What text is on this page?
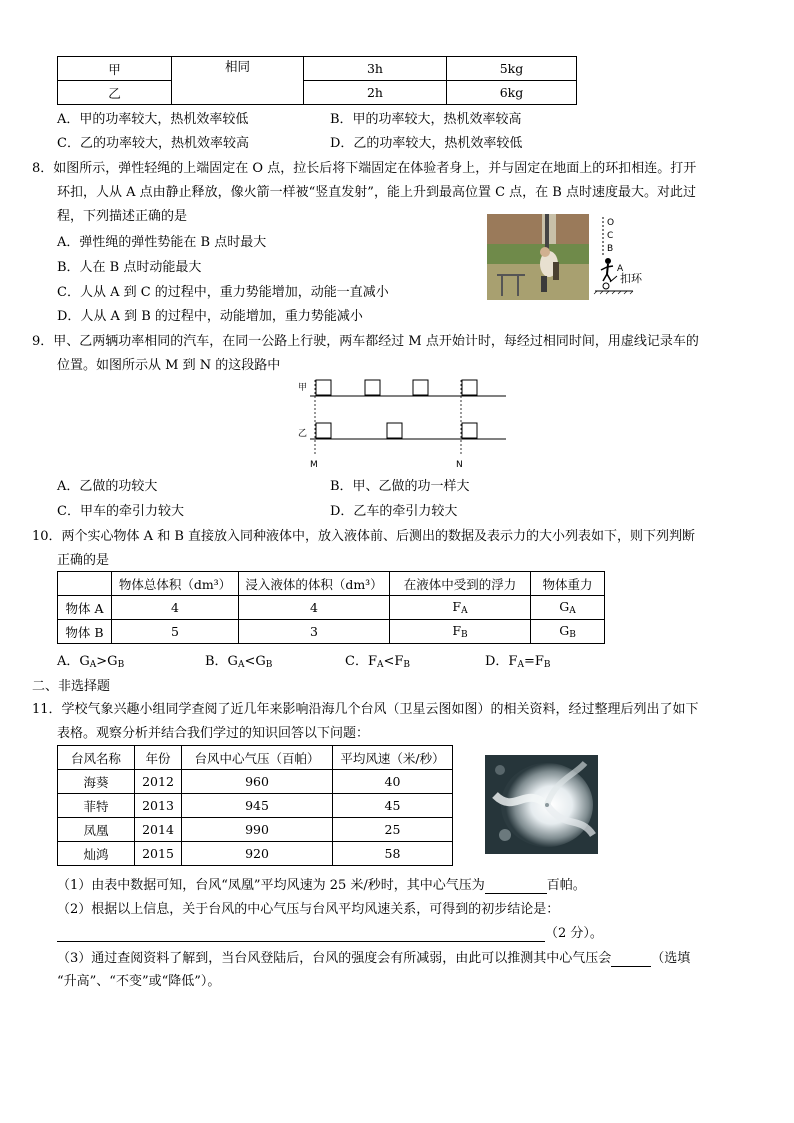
甲	相同	3h	5kg
乙		2h	6kg
A．甲的功率较大，热机效率较低	B．甲的功率较大，热机效率较高
C．乙的功率较大，热机效率较高	D．乙的功率较大，热机效率较低
8．如图所示，弹性轻绳的上端固定在 O 点，拉长后将下端固定在体验者身上，并与固定在地面上的环扣相连。打开
环扣，人从 A 点由静止释放，像火箭一样被“竖直发射”，能上升到最高位置 C 点，在 B 点时速度最大。对此过
程，下列描述正确的是
A．弹性绳的弹性势能在 B 点时最大
B．人在 B 点时动能最大
C．人从 A 到 C 的过程中，重力势能增加，动能一直减小
D．人从 A 到 B 的过程中，动能增加，重力势能减小
O
C
B
A
扣环
9．甲、乙两辆功率相同的汽车，在同一公路上行驶，两车都经过 M 点开始计时，每经过相同时间，用虚线记录车的
位置。如图所示从 M 到 N 的这段路中
甲
乙
M	N
A．乙做的功较大	B．甲、乙做的功一样大
C．甲车的牵引力较大	D．乙车的牵引力较大
10．两个实心物体 A 和 B 直接放入同种液体中，放入液体前、后测出的数据及表示力的大小列表如下，则下列判断
正确的是
	物体总体积（dm³）	浸入液体的体积（dm³）	在液体中受到的浮力	物体重力
物体 A	4	4	$F_A$	$G_A$
物体 B	5	3	$F_B$	$G_B$
A．$G_A>G_B$	B．$G_A<G_B$	C．$F_A<F_B$	D．$F_A=F_B$
二、非选择题
11．学校气象兴趣小组同学查阅了近几年来影响沿海几个台风（卫星云图如图）的相关资料，经过整理后列出了如下
表格。观察分析并结合我们学过的知识回答以下问题：
台风名称	年份	台风中心气压（百帕）	平均风速（米/秒）
海葵	2012	960	40
菲特	2013	945	45
凤凰	2014	990	25
灿鸿	2015	920	58
（1）由表中数据可知，台风“凤凰”平均风速为 25 米/秒时，其中心气压为	百帕。
（2）根据以上信息，关于台风的中心气压与台风平均风速关系，可得到的初步结论是：
（2 分）。
（3）通过查阅资料了解到，当台风登陆后，台风的强度会有所减弱，由此可以推测其中心气压会	（选填
“升高”、“不变”或“降低”）。
